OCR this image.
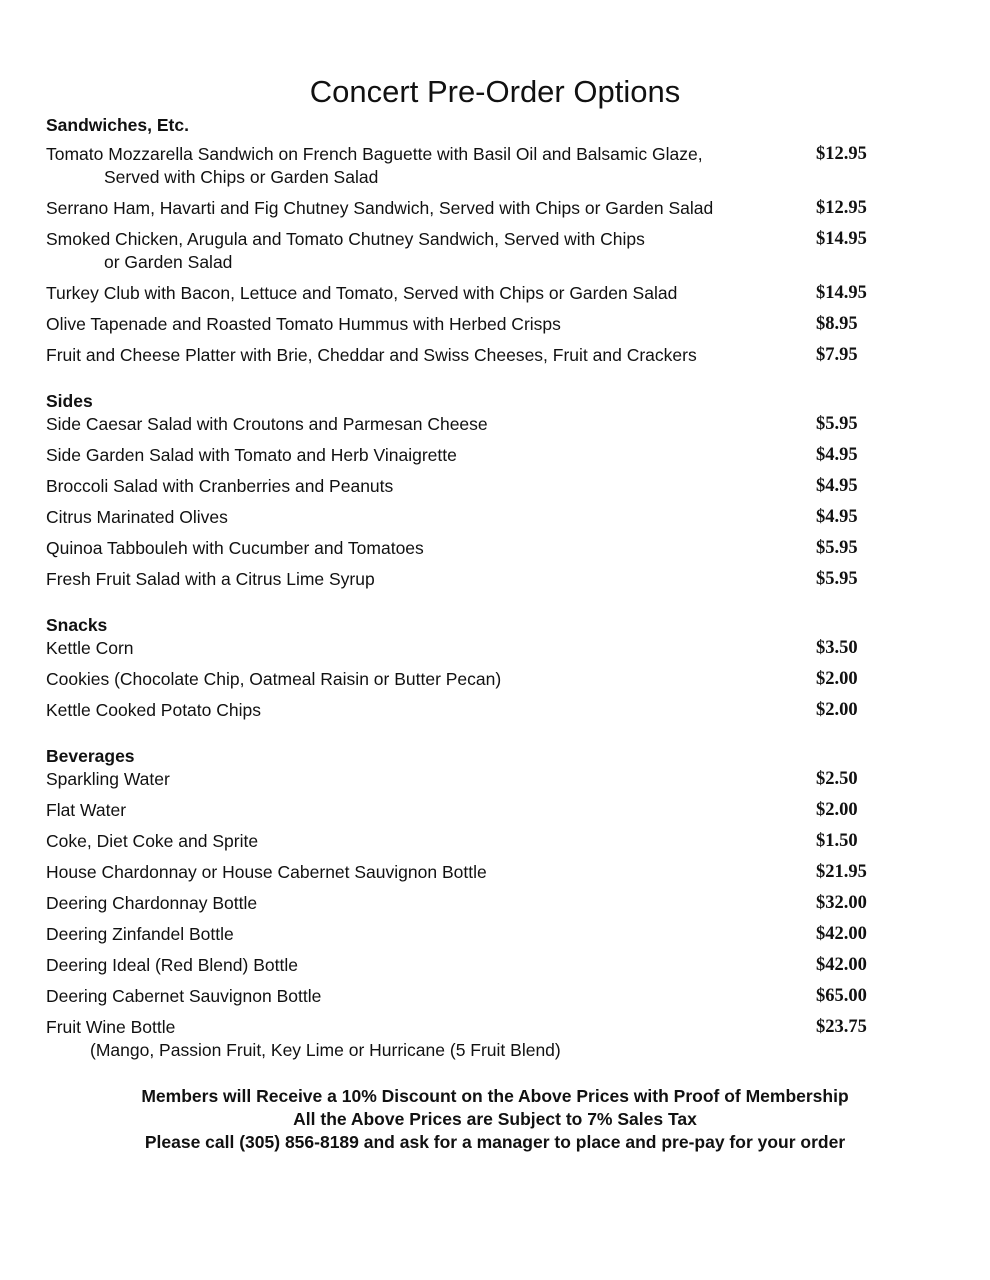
Concert Pre-Order Options
Sandwiches, Etc.
Tomato Mozzarella Sandwich on French Baguette with Basil Oil and Balsamic Glaze,
Served with Chips or Garden Salad
$12.95
Serrano Ham, Havarti and Fig Chutney Sandwich, Served with Chips or Garden Salad	$12.95
Smoked Chicken, Arugula and Tomato Chutney Sandwich, Served with Chips
or Garden Salad
$14.95
Turkey Club with Bacon, Lettuce and Tomato, Served with Chips or Garden Salad	$14.95
Olive Tapenade and Roasted Tomato Hummus with Herbed Crisps	$8.95
Fruit and Cheese Platter with Brie, Cheddar and Swiss Cheeses, Fruit and Crackers	$7.95
Sides
Side Caesar Salad with Croutons and Parmesan Cheese	$5.95
Side Garden Salad with Tomato and Herb Vinaigrette	$4.95
Broccoli Salad with Cranberries and Peanuts	$4.95
Citrus Marinated Olives	$4.95
Quinoa Tabbouleh with Cucumber and Tomatoes	$5.95
Fresh Fruit Salad with a Citrus Lime Syrup	$5.95
Snacks
Kettle Corn	$3.50
Cookies (Chocolate Chip, Oatmeal Raisin or Butter Pecan)	$2.00
Kettle Cooked Potato Chips	$2.00
Beverages
Sparkling Water	$2.50
Flat Water	$2.00
Coke, Diet Coke and Sprite	$1.50
House Chardonnay or House Cabernet Sauvignon Bottle	$21.95
Deering Chardonnay Bottle	$32.00
Deering Zinfandel Bottle	$42.00
Deering Ideal (Red Blend) Bottle	$42.00
Deering Cabernet Sauvignon Bottle	$65.00
Fruit Wine Bottle
(Mango, Passion Fruit, Key Lime or Hurricane (5 Fruit Blend)
$23.75
Members will Receive a 10% Discount on the Above Prices with Proof of Membership
All the Above Prices are Subject to 7% Sales Tax
Please call (305) 856-8189 and ask for a manager to place and pre-pay for your order
